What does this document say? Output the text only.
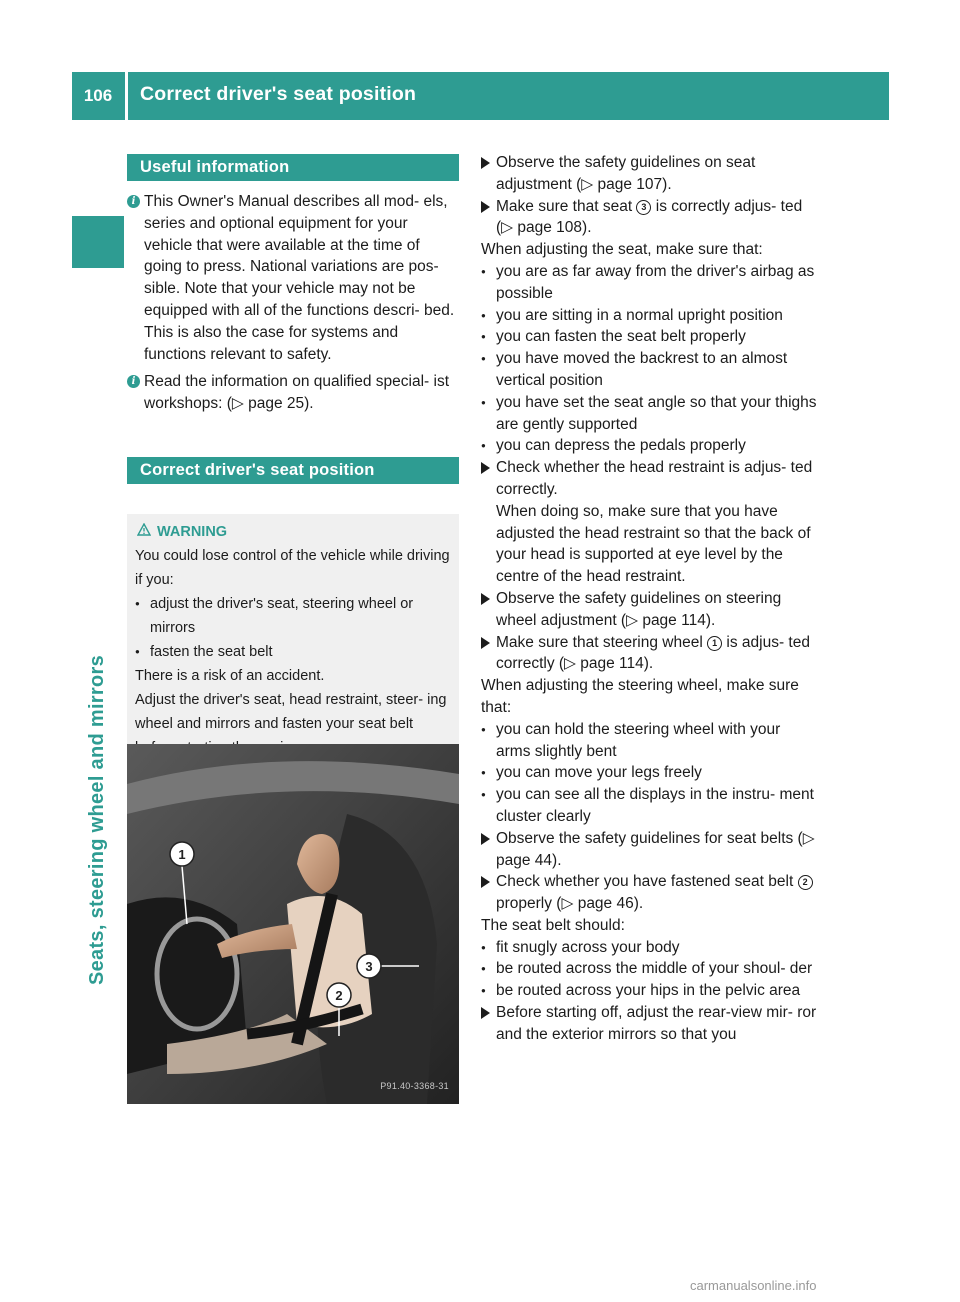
106	Correct driver's seat position
Seats, steering wheel and mirrors
Useful information

i This Owner's Manual describes all mod- els, series and optional equipment for your vehicle that were available at the time of going to press. National variations are pos- sible. Note that your vehicle may not be equipped with all of the functions descri- bed. This is also the case for systems and functions relevant to safety.

i Read the information on qualified special- ist workshops: (▷ page 25).

Correct driver's seat position
WARNING

You could lose control of the vehicle while driving if you:

● adjust the driver's seat, steering wheel or mirrors

● fasten the seat belt

There is a risk of an accident.

Adjust the driver's seat, head restraint, steer- ing wheel and mirrors and fasten your seat belt

1
2
3
P91.40-3368-31

Observe the safety guidelines on seat adjustment (▷ page 107).

Make sure that seat 3 is correctly adjus- ted (▷ page 108).

When adjusting the seat, make sure that:

● you are as far away from the driver's airbag as possible

● you are sitting in a normal upright position

● you can fasten the seat belt properly

● you have moved the backrest to an almost vertical position

● you have set the seat angle so that your thighs are gently supported

● you can depress the pedals properly

Check whether the head restraint is adjus- ted correctly.

When doing so, make sure that you have adjusted the head restraint so that the back of your head is supported at eye level by the centre of the head restraint.

Observe the safety guidelines on steering wheel adjustment (▷ page 114).

Make sure that steering wheel 1 is adjus- ted correctly (▷ page 114).

When adjusting the steering wheel, make sure that:

● you can hold the steering wheel with your arms slightly bent

● you can move your legs freely

● you can see all the displays in the instru- ment cluster clearly

Observe the safety guidelines for seat belts (▷ page 44).

Check whether you have fastened seat belt 2 properly (▷ page 46).

The seat belt should:

● fit snugly across your body

● be routed across the middle of your shoul- der

● be routed across your hips in the pelvic area

Before starting off, adjust the rear-view mir- ror and the exterior mirrors so that you

carmanualsonline.info
